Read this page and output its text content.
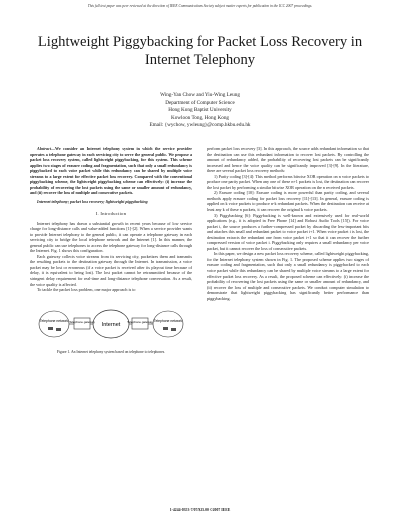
This full text paper was peer reviewed at the direction of IEEE Communications Society subject matter experts for publication in the ICC 2007 proceedings.
Lightweight Piggybacking for Packet Loss Recovery in Internet Telephony
Wing-Yan Chow and Yiu-Wing Leung
Department of Computer Science
Hong Kong Baptist University
Kowloon Tong, Hong Kong
Email: {wychow, ywleung}@comp.hkbu.edu.hk

Abstract—We consider an Internet telephony system in which the service provider operates a telephone gateway in each servicing city to serve the general public. We propose a packet loss recovery system, called lightweight piggybacking, for this system. This scheme applies two stages of erasure coding and fragmentation, such that only a small redundancy is piggybacked to each voice packet while this redundancy can be shared by multiple voice streams to a large extent for effective packet loss recovery. Compared with the conventional piggybacking scheme, the lightweight piggybacking scheme can effectively: (i) increase the probability of recovering the lost packets using the same or smaller amount of redundancy, and (ii) recover the loss of multiple and consecutive packets.

Internet telephony; packet loss recovery; lightweight piggybacking

I. Introduction

Internet telephony has drawn a substantial growth in recent years because of low service charge for long-distance calls and value-added functions [1]-[2]. When a service provider wants to provide Internet telephony to the general public, it can operate a telephone gateway in each servicing city to bridge the local telephone network and the Internet [1]. In this manner, the general public can use telephones to access the telephone gateway for long-distance calls through the Internet. Fig. 1 shows this configuration.

Each gateway collects voice streams from its servicing city, packetizes them and transmits the resulting packets to the destination gateway through the Internet. In transmission, a voice packet may be lost or erroneous (if a voice packet is received after its playout time because of delay, it is equivalent to being lost). The lost packet cannot be retransmitted because of the stringent delay requirement for real-time and long-distance telephone conversation. As a result, the voice quality is affected.

To tackle the packet loss problem, one major approach is to

Telephone network Telephone gateway Internet Telephone gateway Telephone network
Figure 1. An Internet telephony system based on telephone to telephones.

perform packet loss recovery [3]. In this approach, the source adds redundant information so that the destination can use this redundant information to recover lost packets. By controlling the amount of redundancy added, the probability of recovering lost packets can be significantly increased and hence the voice quality can be significantly improved [3]-[9]. In the literature, there are several packet loss recovery methods:

1) Parity coding [3]-[4]: This method performs bitwise XOR operation on n voice packets to produce one parity packet. When any one of these n+1 packets is lost, the destination can recover the lost packet by performing a similar bitwise XOR operation on the n received packets.

2) Erasure coding [10]: Erasure coding is more powerful than parity coding, and several methods apply erasure coding for packet loss recovery [11]-[13]. In general, erasure coding is applied on k voice packets to produce n-k redundant packets. When the destination can receive at least any k of these n packets, it can recover the original k voice packets.

3) Piggybacking [6]: Piggybacking is well-known and extensively used for real-world applications (e.g., it is adopted in Free Phone [14] and Robust Audio Tools [15]). For voice packet i, the source produces a further-compressed packet by discarding the less-important bits and attaches this small and redundant packet to voice packet i+1. When voice packet i is lost, the destination extracts the redundant one from voice packet i+1 so that it can recover the further compressed version of voice packet i. Piggybacking only requires a small redundancy per voice packet, but it cannot recover the loss of consecutive packets.

In this paper, we design a new packet loss recovery scheme, called lightweight piggybacking, for the Internet telephony system shown in Fig. 1. The proposed scheme applies two stages of erasure coding and fragmentation, such that only a small redundancy is piggybacked to each voice packet while this redundancy can be shared by multiple voice streams to a large extent for effective packet loss recovery. As a result, the proposed scheme can effectively: (i) increase the probability of recovering the lost packets using the same or smaller amount of redundancy, and (ii) recover the loss of multiple and consecutive packets. We conduct computer simulation to demonstrate that lightweight piggybacking has significantly better performance than piggybacking.

1-4244-0353-7/07/$25.00 ©2007 IEEE
